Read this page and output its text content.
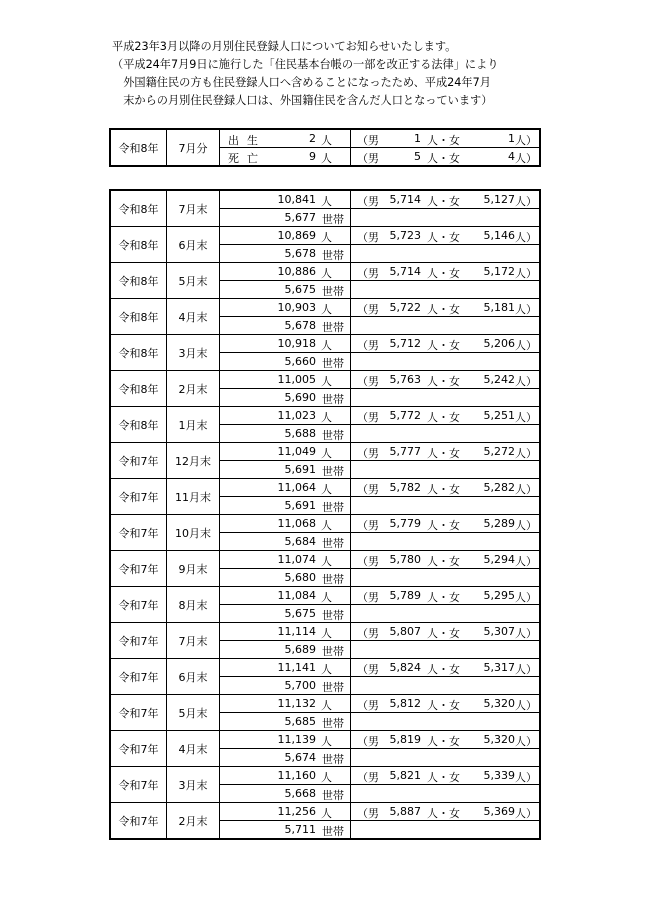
平成23年3月以降の月別住民登録人口についてお知らせいたします。
（平成24年7月9日に施行した「住民基本台帳の一部を改正する法律」により
　外国籍住民の方も住民登録人口へ含めることになったため、平成24年7月
　末からの月別住民登録人口は、外国籍住民を含んだ人口となっています）
令和8年	7月分	出生 2 人	（男 1 人・女 1 人）

		死亡 9 人	（男 5 人・女 4 人）
令和8年	7月末	10,841 人	（男 5,714 人・女 5,127 人）

		5,677 世帯	

令和8年	6月末	10,869 人	（男 5,723 人・女 5,146 人）

		5,678 世帯	

令和8年	5月末	10,886 人	（男 5,714 人・女 5,172 人）

		5,675 世帯	

令和8年	4月末	10,903 人	（男 5,722 人・女 5,181 人）

		5,678 世帯	

令和8年	3月末	10,918 人	（男 5,712 人・女 5,206 人）

		5,660 世帯	

令和8年	2月末	11,005 人	（男 5,763 人・女 5,242 人）

		5,690 世帯	

令和8年	1月末	11,023 人	（男 5,772 人・女 5,251 人）

		5,688 世帯	

令和7年	12月末	11,049 人	（男 5,777 人・女 5,272 人）

		5,691 世帯	

令和7年	11月末	11,064 人	（男 5,782 人・女 5,282 人）

		5,691 世帯	

令和7年	10月末	11,068 人	（男 5,779 人・女 5,289 人）

		5,684 世帯	

令和7年	9月末	11,074 人	（男 5,780 人・女 5,294 人）

		5,680 世帯	

令和7年	8月末	11,084 人	（男 5,789 人・女 5,295 人）

		5,675 世帯	

令和7年	7月末	11,114 人	（男 5,807 人・女 5,307 人）

		5,689 世帯	

令和7年	6月末	11,141 人	（男 5,824 人・女 5,317 人）

		5,700 世帯	

令和7年	5月末	11,132 人	（男 5,812 人・女 5,320 人）

		5,685 世帯	

令和7年	4月末	11,139 人	（男 5,819 人・女 5,320 人）

		5,674 世帯	

令和7年	3月末	11,160 人	（男 5,821 人・女 5,339 人）

		5,668 世帯	

令和7年	2月末	11,256 人	（男 5,887 人・女 5,369 人）

		5,711 世帯	
